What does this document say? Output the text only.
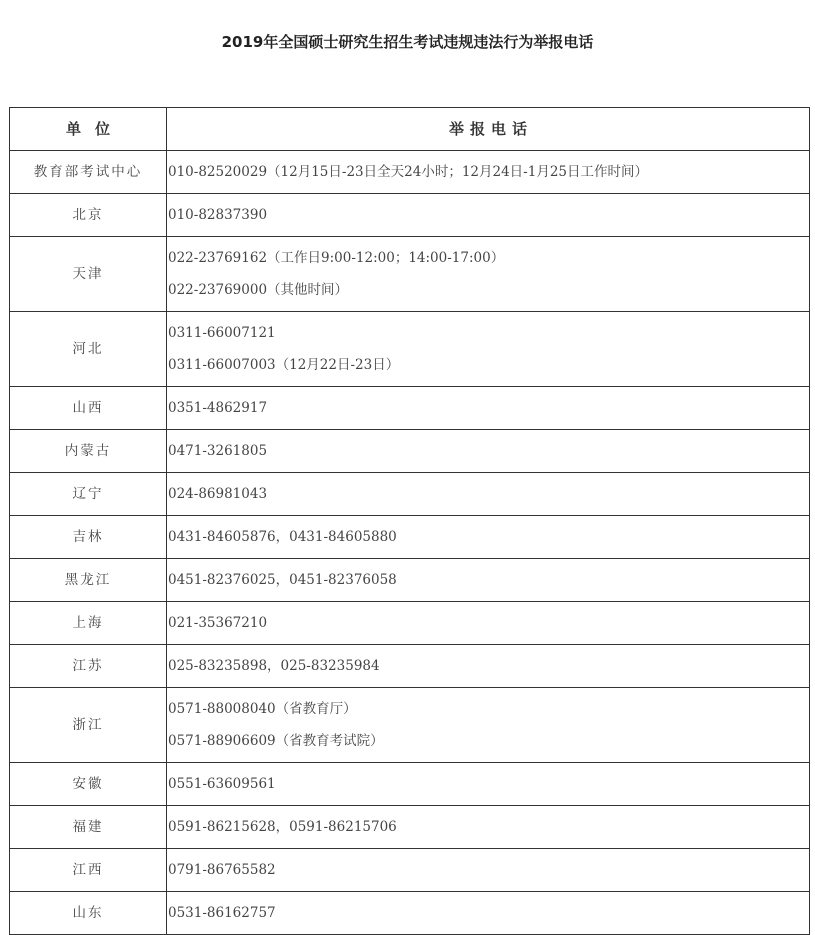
2019年全国硕士研究生招生考试违规违法行为举报电话
单位	举报电话
教育部考试中心	010-82520029（12月15日-23日全天24小时；12月24日-1月25日工作时间）

北京	010-82837390

天津	022-23769162（工作日9:00-12:00；14:00-17:00）
022-23769000（其他时间）

河北	0311-66007121
0311-66007003（12月22日-23日）

山西	0351-4862917

内蒙古	0471-3261805

辽宁	024-86981043

吉林	0431-84605876，0431-84605880

黑龙江	0451-82376025，0451-82376058

上海	021-35367210

江苏	025-83235898，025-83235984

浙江	0571-88008040（省教育厅）
0571-88906609（省教育考试院）

安徽	0551-63609561

福建	0591-86215628，0591-86215706

江西	0791-86765582

山东	0531-86162757
